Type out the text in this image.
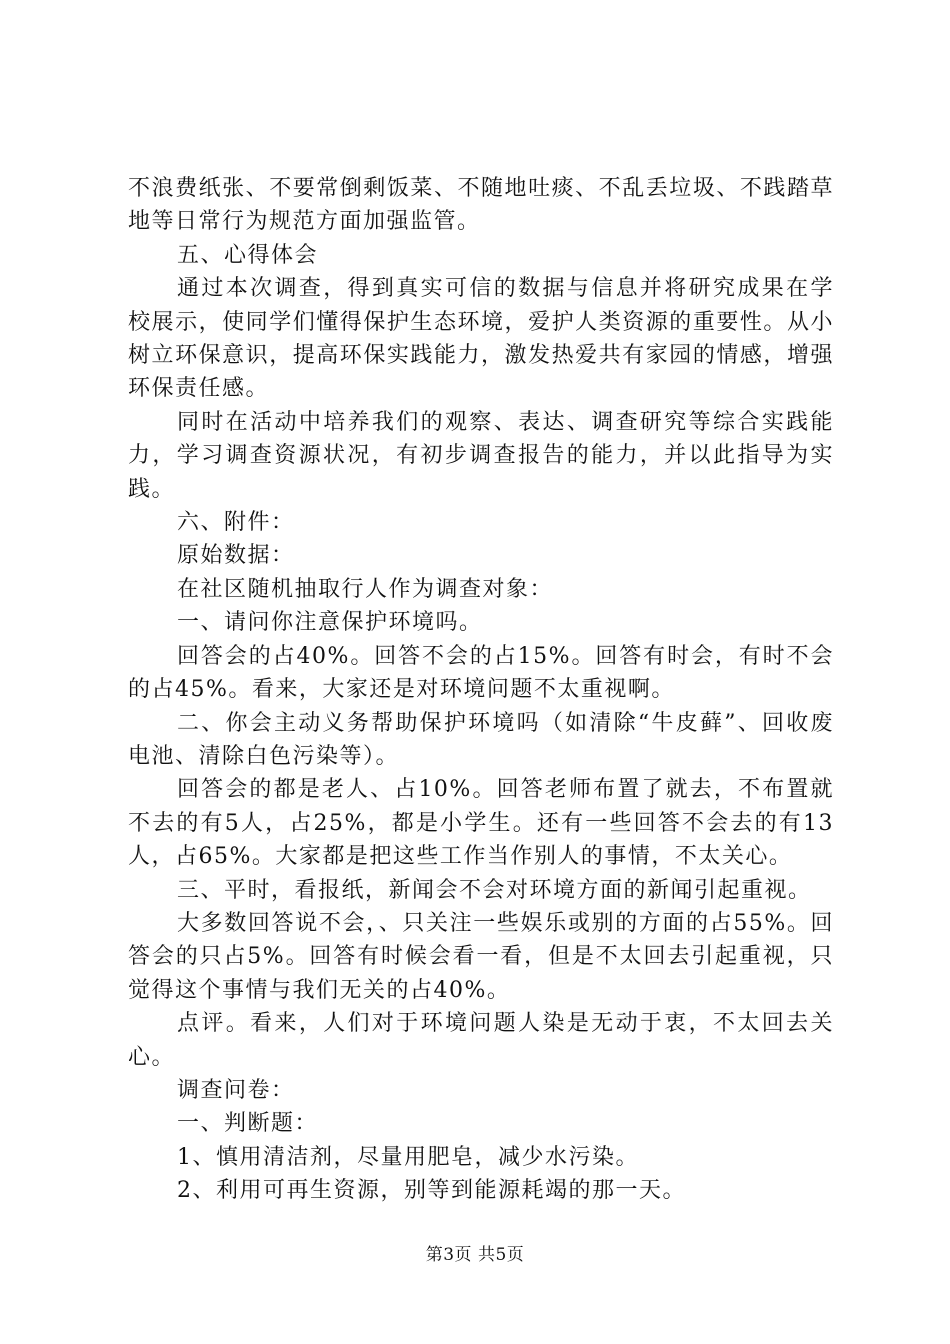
不浪费纸张、不要常倒剩饭菜、不随地吐痰、不乱丢垃圾、不践踏草地等日常行为规范方面加强监管。

五、心得体会

通过本次调查，得到真实可信的数据与信息并将研究成果在学校展示，使同学们懂得保护生态环境，爱护人类资源的重要性。从小树立环保意识，提高环保实践能力，激发热爱共有家园的情感，增强环保责任感。

同时在活动中培养我们的观察、表达、调查研究等综合实践能力，学习调查资源状况，有初步调查报告的能力，并以此指导为实践。

六、附件：

原始数据：

在社区随机抽取行人作为调查对象：

一、请问你注意保护环境吗。

回答会的占40%。回答不会的占15%。回答有时会，有时不会的占45%。看来，大家还是对环境问题不太重视啊。

二、你会主动义务帮助保护环境吗（如清除“牛皮藓”、回收废电池、清除白色污染等）。

回答会的都是老人、占10%。回答老师布置了就去，不布置就不去的有5人，占25%，都是小学生。还有一些回答不会去的有13人，占65%。大家都是把这些工作当作别人的事情，不太关心。

三、平时，看报纸，新闻会不会对环境方面的新闻引起重视。

大多数回答说不会，、只关注一些娱乐或别的方面的占55%。回答会的只占5%。回答有时候会看一看，但是不太回去引起重视，只觉得这个事情与我们无关的占40%。

点评。看来，人们对于环境问题人染是无动于衷，不太回去关心。

调查问卷：

一、判断题：

1、慎用清洁剂，尽量用肥皂，减少水污染。

2、利用可再生资源，别等到能源耗竭的那一天。

第3页 共5页
